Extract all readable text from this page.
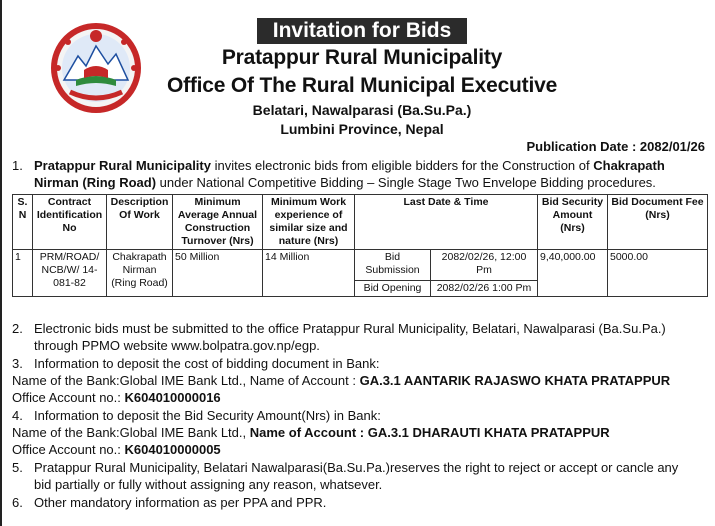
Invitation for Bids
Pratappur Rural Municipality
Office Of The Rural Municipal Executive
Belatari, Nawalparasi (Ba.Su.Pa.)
Lumbini Province, Nepal
Publication Date : 2082/01/26
1. Pratappur Rural Municipality invites electronic bids from eligible bidders for the Construction of Chakrapath
Nirman (Ring Road) under National Competitive Bidding – Single Stage Two Envelope Bidding procedures.
S. N	Contract Identification No	Description Of Work	Minimum Average Annual Construction Turnover (Nrs)	Minimum Work experience of similar size and nature (Nrs)	Last Date & Time		Bid Security Amount (Nrs)	Bid Document Fee (Nrs)
1	PRM/ROAD/ NCB/W/ 14-081-82	Chakrapath Nirman (Ring Road)	50 Million	14 Million	Bid Submission	2082/02/26, 12:00 Pm	9,40,000.00	5000.00
					Bid Opening	2082/02/26 1:00 Pm		
2. Electronic bids must be submitted to the office Pratappur Rural Municipality, Belatari, Nawalparasi (Ba.Su.Pa.)
through PPMO website www.bolpatra.gov.np/egp.
3. Information to deposit the cost of bidding document in Bank:
Name of the Bank:Global IME Bank Ltd., Name of Account : GA.3.1 AANTARIK RAJASWO KHATA PRATAPPUR
Office Account no.: K604010000016
4. Information to deposit the Bid Security Amount(Nrs) in Bank:
Name of the Bank:Global IME Bank Ltd., Name of Account : GA.3.1 DHARAUTI KHATA PRATAPPUR
Office Account no.: K604010000005
5. Pratappur Rural Municipality, Belatari Nawalparasi(Ba.Su.Pa.)reserves the right to reject or accept or cancle any
bid partially or fully without assigning any reason, whatsever.
6. Other mandatory information as per PPA and PPR.
